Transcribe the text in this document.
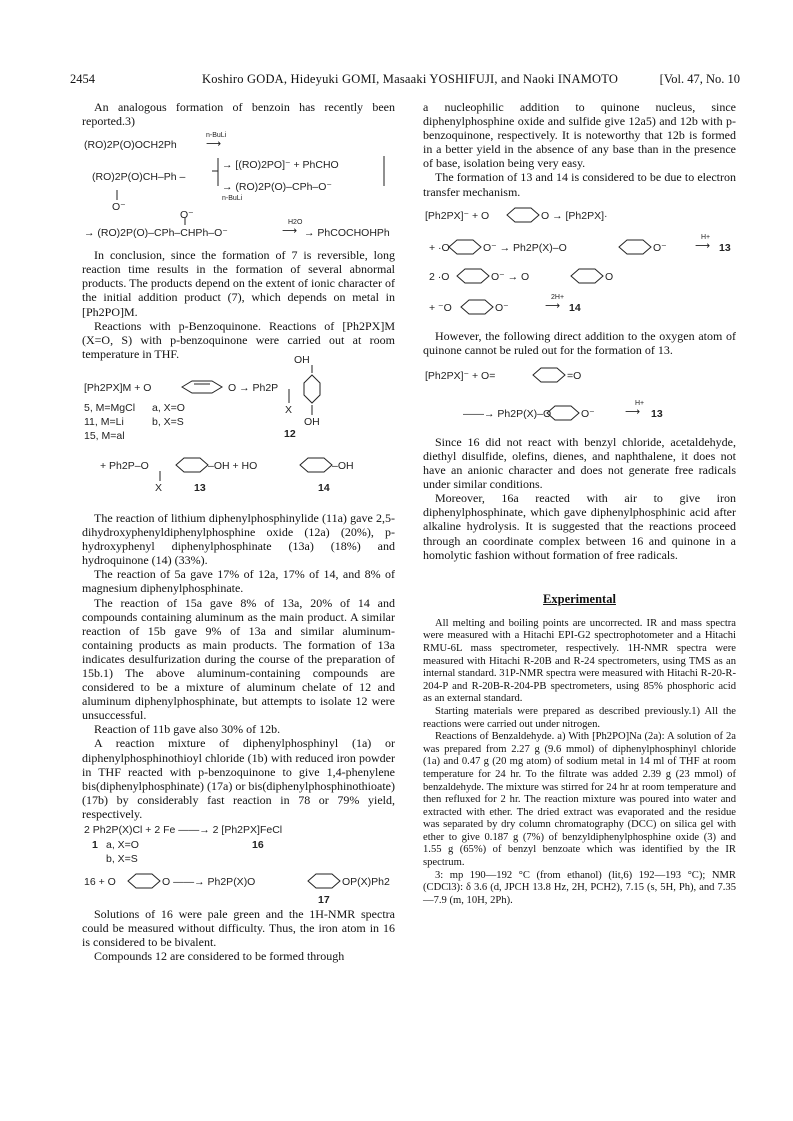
2454	Koshiro GODA, Hideyuki GOMI, Masaaki YOSHIFUJI, and Naoki INAMOTO	[Vol. 47, No. 10

An analogous formation of benzoin has recently been reported.3)

(RO)2P(O)OCH2Ph
n-BuLi
⟶
→ [(RO)2PO]⁻ + PhCHO
(RO)2P(O)CH–Ph –
→ (RO)2P(O)–CPh–O⁻
O⁻
n-BuLi
O⁻
→ (RO)2P(O)–CPh–CHPh–O⁻
H2O
⟶ → PhCOCHOHPh

In conclusion, since the formation of 7 is reversible, long reaction time results in the formation of several abnormal products. The products depend on the extent of ionic character of the initial addition product (7), which depends on metal in [Ph2PO]M.

Reactions with p-Benzoquinone. Reactions of [Ph2PX]M (X=O, S) with p-benzoquinone were carried out at room temperature in THF.	OH
[Ph2PX]M + O	O → Ph2P
X
OH
12
5, M=MgCl a, X=O
11, M=Li	b, X=S
15, M=al
+ Ph2P–O	–OH + HO	–OH
X	13	14

The reaction of lithium diphenylphosphinylide (11a) gave 2,5-dihydroxyphenyldiphenylphosphine oxide (12a) (20%), p-hydroxyphenyl diphenylphosphinate (13a) (18%) and hydroquinone (14) (33%).

The reaction of 5a gave 17% of 12a, 17% of 14, and 8% of magnesium diphenylphosphinate.

The reaction of 15a gave 8% of 13a, 20% of 14 and compounds containing aluminum as the main product. A similar reaction of 15b gave 9% of 13a and similar aluminum-containing products as main products. The formation of 13a indicates desulfurization during the course of the preparation of 15b.1) The above aluminum-containing compounds are considered to be a mixture of aluminum chelate of 12 and aluminum diphenylphosphinate, but attempts to isolate 12 were unsuccessful.

Reaction of 11b gave also 30% of 12b.

A reaction mixture of diphenylphosphinyl (1a) or diphenylphosphinothioyl chloride (1b) with reduced iron powder in THF reacted with p-benzoquinone to give 1,4-phenylene bis(diphenylphosphinate) (17a) or bis(diphenylphosphinothioate) (17b) by considerably fast reaction in 78 or 79% yield, respectively.

2 Ph2P(X)Cl + 2 Fe ——→ 2 [Ph2PX]FeCl
1 a, X=O	16
b, X=S
16 + O	O ——→ Ph2P(X)O	OP(X)Ph2
17

Solutions of 16 were pale green and the 1H-NMR spectra could be measured without difficulty. Thus, the iron atom in 16 is considered to be bivalent.

Compounds 12 are considered to be formed through

a nucleophilic addition to quinone nucleus, since diphenylphosphine oxide and sulfide give 12a5) and 12b with p-benzoquinone, respectively. It is noteworthy that 12b is formed in a better yield in the absence of any base than in the presence of base, isolation being very easy.

The formation of 13 and 14 is considered to be due to electron transfer mechanism.

[Ph2PX]⁻ + O	O → [Ph2PX]·
+ ·O	O⁻ → Ph2P(X)–O	O⁻
H+
⟶ 13
2 ·O	O⁻ → O	O
+ ⁻O	O⁻
2H+
⟶ 14

However, the following direct addition to the oxygen atom of quinone cannot be ruled out for the formation of 13.

[Ph2PX]⁻ + O=	=O
——→ Ph2P(X)–O	O⁻
H+
⟶ 13

Since 16 did not react with benzyl chloride, acetaldehyde, diethyl disulfide, olefins, dienes, and naphthalene, it does not have an anionic character and does not generate free radicals under similar conditions.

Moreover, 16a reacted with air to give iron diphenylphosphinate, which gave diphenylphosphinic acid after alkaline hydrolysis. It is suggested that the reactions proceed through an coordinate complex between 16 and quinone in a homolytic fashion without formation of free radicals.

Experimental

All melting and boiling points are uncorrected. IR and mass spectra were measured with a Hitachi EPI-G2 spectrophotometer and a Hitachi RMU-6L mass spectrometer, respectively. 1H-NMR spectra were measured with Hitachi R-20B and R-24 spectrometers, using TMS as an internal standard. 31P-NMR spectra were measured with Hitachi R-20-R-204-P and R-20B-R-204-PB spectrometers, using 85% phosphoric acid as an external standard.

Starting materials were prepared as described previously.1) All the reactions were carried out under nitrogen.

Reactions of Benzaldehyde. a) With [Ph2PO]Na (2a): A solution of 2a was prepared from 2.27 g (9.6 mmol) of diphenylphosphinyl chloride (1a) and 0.47 g (20 mg atom) of sodium metal in 14 ml of THF at room temperature for 24 hr. To the filtrate was added 2.39 g (23 mmol) of benzaldehyde. The mixture was stirred for 24 hr at room temperature and then refluxed for 2 hr. The reaction mixture was poured into water and extracted with ether. The dried extract was evaporated and the residue was separated by dry column chromatography (DCC) on silica gel with ether to give 0.187 g (7%) of benzyldiphenylphosphine oxide (3) and 1.55 g (65%) of benzyl benzoate which was identified by the IR spectrum.

3: mp 190—192 °C (from ethanol) (lit,6) 192—193 °C); NMR (CDCl3): δ 3.6 (d, JPCH 13.8 Hz, 2H, PCH2), 7.15 (s, 5H, Ph), and 7.35—7.9 (m, 10H, 2Ph).
